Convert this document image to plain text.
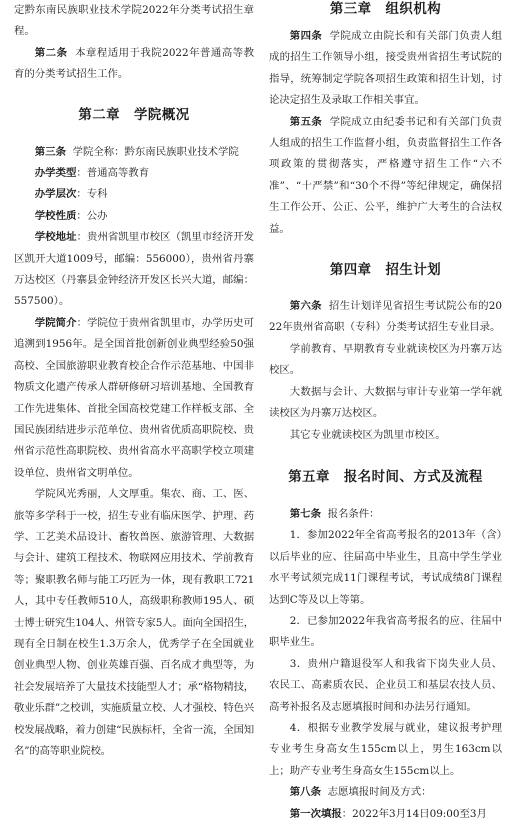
定黔东南民族职业技术学院2022年分类考试招生章程。

第二条 本章程适用于我院2022年普通高等教育的分类考试招生工作。

第二章 学院概况

第三条 学院全称：黔东南民族职业技术学院

办学类型：普通高等教育

办学层次：专科

学校性质：公办

学校地址：贵州省凯里市校区（凯里市经济开发区凯开大道1009号，邮编：556000），贵州省丹寨万达校区（丹寨县金钟经济开发区长兴大道，邮编：557500）。

学院简介：学院位于贵州省凯里市，办学历史可追溯到1956年。是全国首批创新创业典型经验50强高校、全国旅游职业教育校企合作示范基地、中国非物质文化遗产传承人群研修研习培训基地、全国教育工作先进集体、首批全国高校党建工作样板支部、全国民族团结进步示范单位、贵州省优质高职院校、贵州省示范性高职院校、贵州省高水平高职学校立项建设单位、贵州省文明单位。

学院风光秀丽，人文厚重。集农、商、工、医、旅等多学科于一校，招生专业有临床医学、护理、药学、工艺美术品设计、畜牧兽医、旅游管理、大数据与会计、建筑工程技术、物联网应用技术、学前教育等；聚职教名师与能工巧匠为一体，现有教职工721人，其中专任教师510人，高级职称教师195人、硕士博士研究生104人、州管专家5人。面向全国招生，现有全日制在校生1.3万余人，优秀学子在全国就业创业典型人物、创业英雄百强、百名成才典型等，为社会发展培养了大量技术技能型人才；承“格物精技，敬业乐群”之校训，实施质量立校、人才强校、特色兴校发展战略，着力创建“民族标杆，全省一流，全国知名”的高等职业院校。

第三章 组织机构

第四条 学院成立由院长和有关部门负责人组成的招生工作领导小组，接受贵州省招生考试院的指导，统筹制定学院各项招生政策和招生计划，讨论决定招生及录取工作相关事宜。

第五条 学院成立由纪委书记和有关部门负责人组成的招生工作监督小组，负责监督招生工作各项政策的贯彻落实，严格遵守招生工作“六不准”、“十严禁”和“30个不得”等纪律规定，确保招生工作公开、公正、公平，维护广大考生的合法权益。

第四章 招生计划

第六条 招生计划详见省招生考试院公布的2022年贵州省高职（专科）分类考试招生专业目录。

学前教育、早期教育专业就读校区为丹寨万达校区。

大数据与会计、大数据与审计专业第一学年就读校区为丹寨万达校区。

其它专业就读校区为凯里市校区。

第五章 报名时间、方式及流程

第七条 报名条件：

1．参加2022年全省高考报名的2013年（含）以后毕业的应、往届高中毕业生，且高中学生学业水平考试须完成11门课程考试，考试成绩8门课程达到C等及以上等第。

2．已参加2022年我省高考报名的应、往届中职毕业生。

3．贵州户籍退役军人和我省下岗失业人员、农民工、高素质农民、企业员工和基层农技人员、高考补报名及志愿填报时间和办法另行通知。

4．根据专业教学发展与就业，建议报考护理专业考生身高女生155cm以上，男生163cm以上；助产专业考生身高女生155cm以上。

第八条 志愿填报时间及方式：

第一次填报：2022年3月14日09:00至3月
